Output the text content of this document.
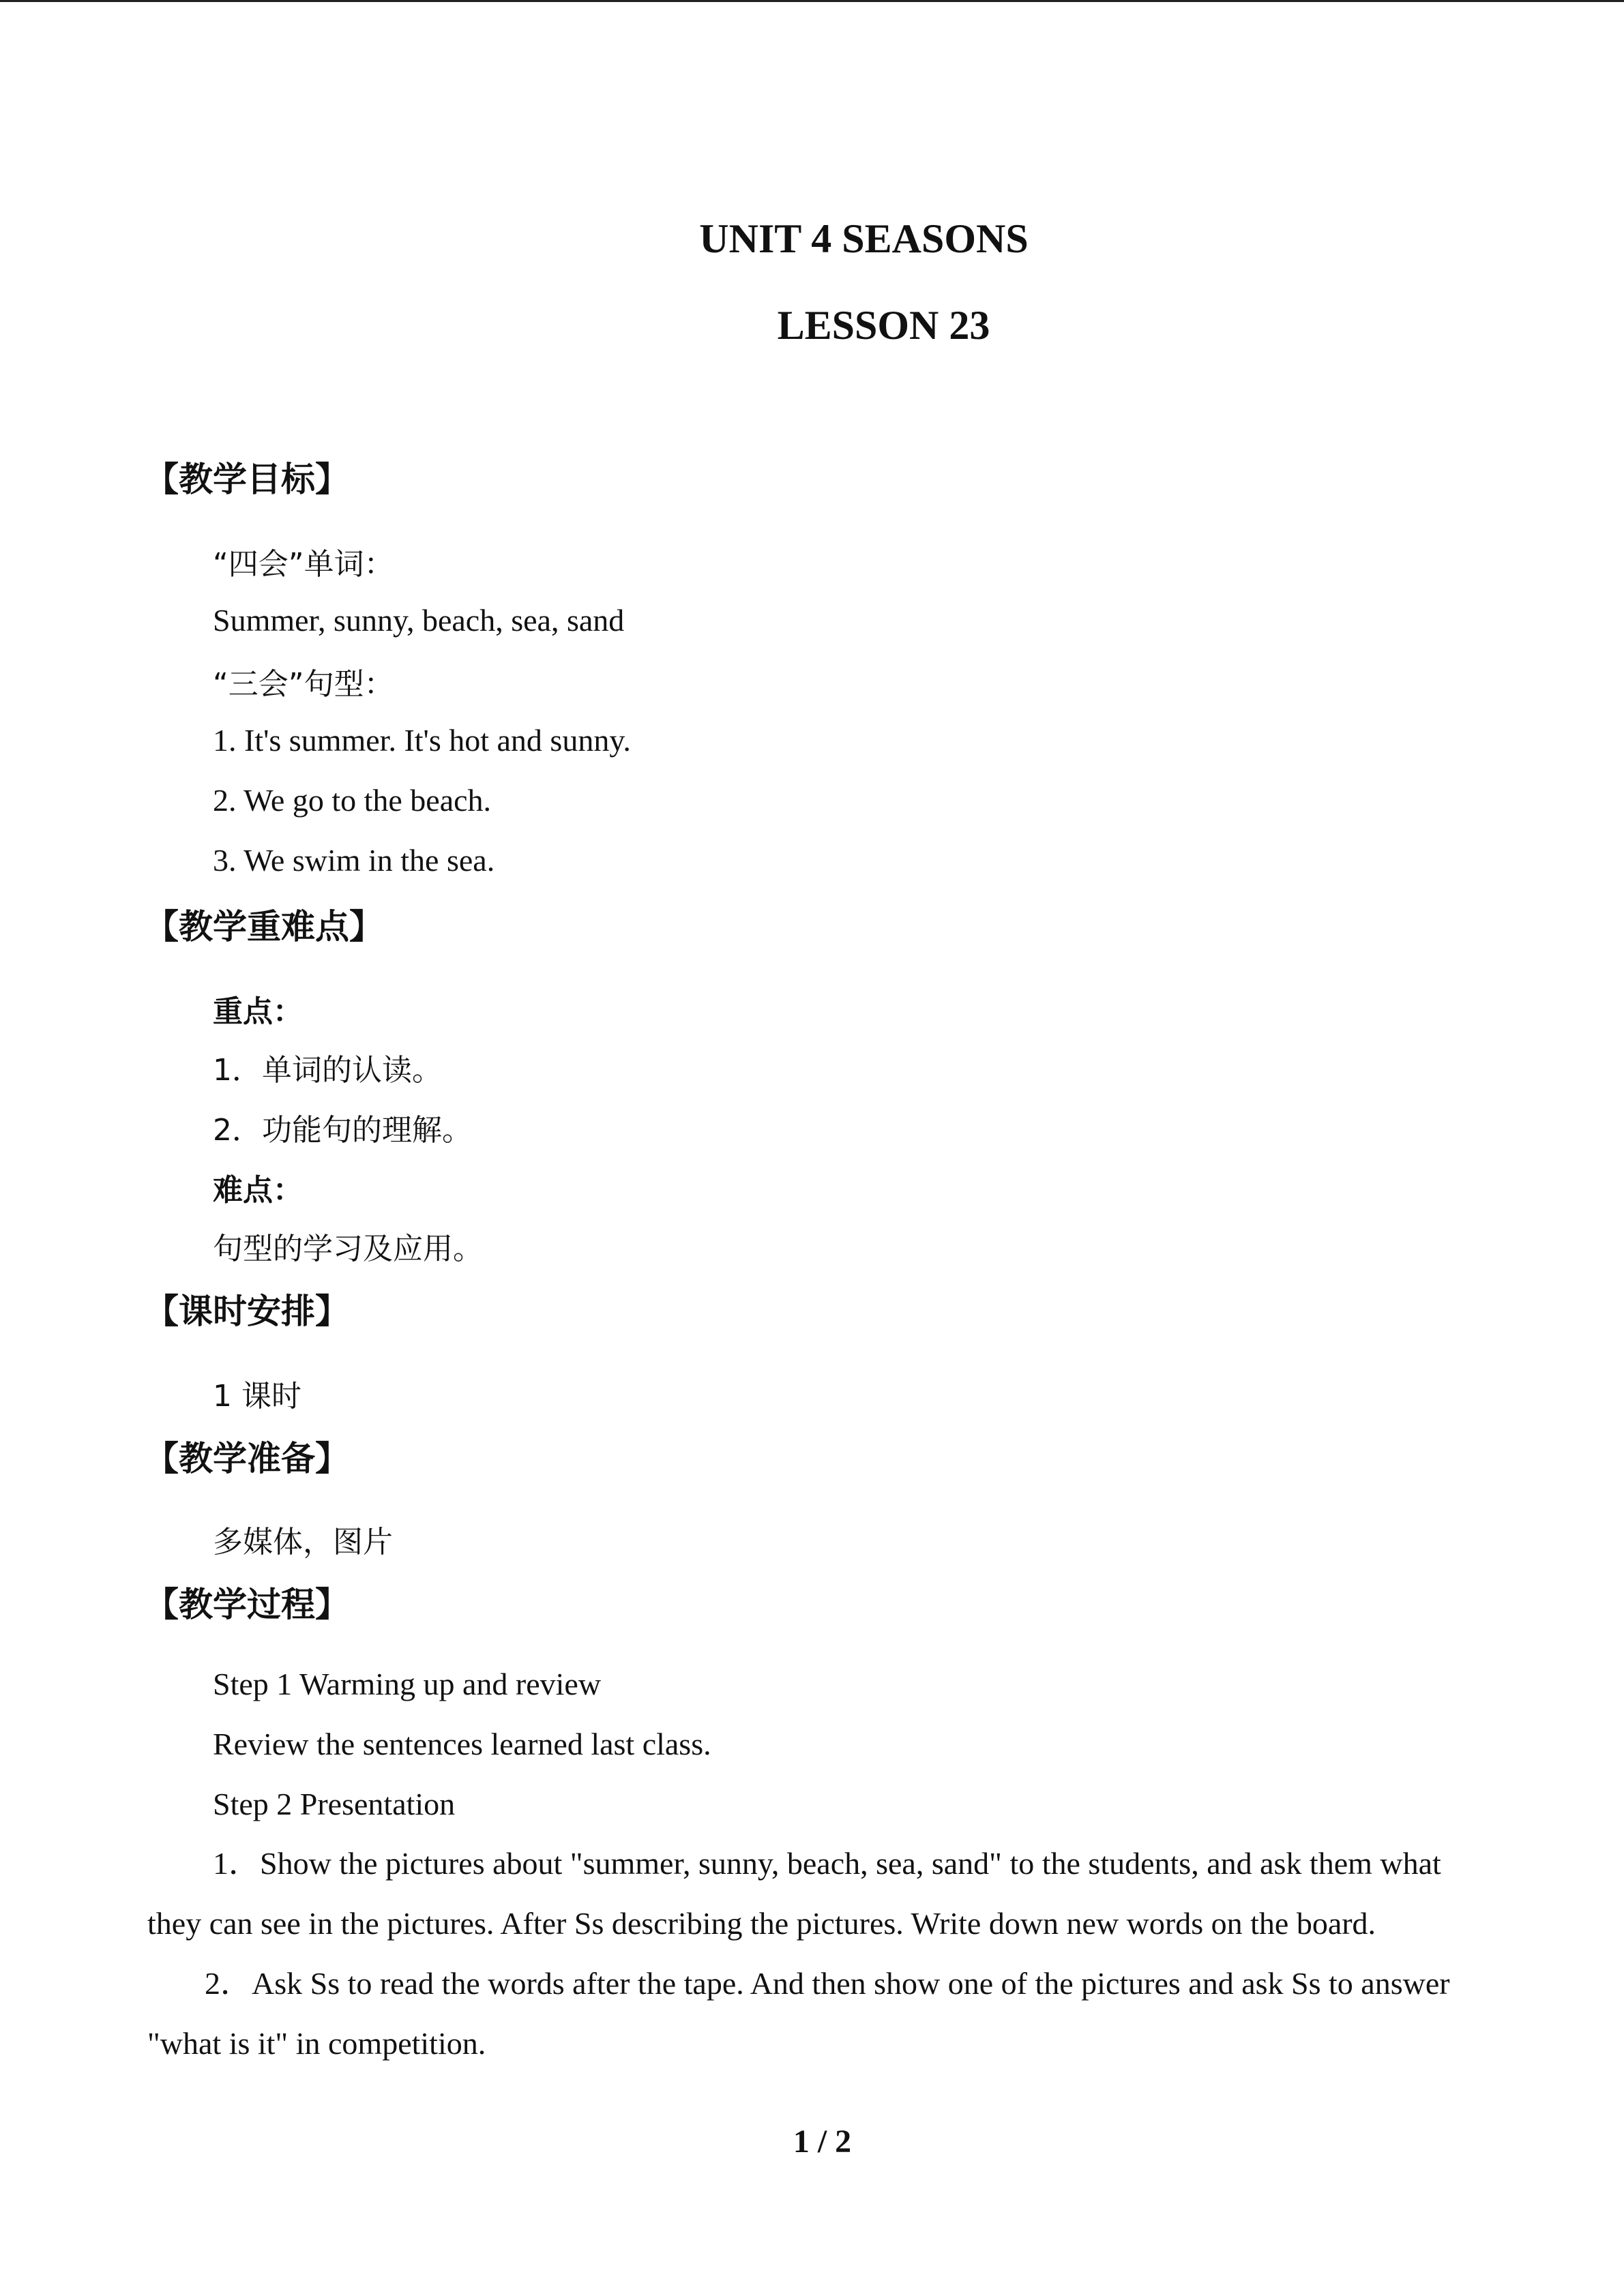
UNIT 4 SEASONS
LESSON 23
【教学目标】

“四会”单词：

Summer, sunny, beach, sea, sand

“三会”句型：

1. It's summer. It's hot and sunny.

2. We go to the beach.

3. We swim in the sea.

【教学重难点】

重点：

1．单词的认读。

2．功能句的理解。

难点：

句型的学习及应用。

【课时安排】

1 课时

【教学准备】

多媒体，图片

【教学过程】

Step 1 Warming up and review

Review the sentences learned last class.

Step 2 Presentation

1．Show the pictures about "summer, sunny, beach, sea, sand" to the students, and ask them what they can see in the pictures. After Ss describing the pictures. Write down new words on the board.

2．Ask Ss to read the words after the tape. And then show one of the pictures and ask Ss to answer "what is it" in competition.

1 / 2
